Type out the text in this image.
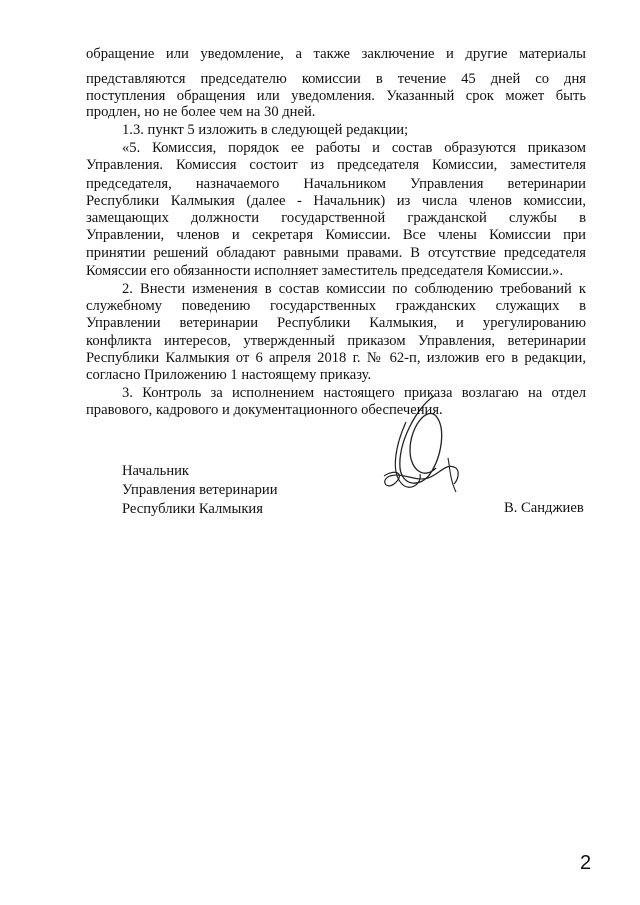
обращение или уведомление, а также заключение и другие материалы
представляются председателю комиссии в течение 45 дней со дня
поступления обращения или уведомления. Указанный срок может быть
продлен, но не более чем на 30 дней.
1.3. пункт 5 изложить в следующей редакции;
«5. Комиссия, порядок ее работы и состав образуются приказом
Управления. Комиссия состоит из председателя Комиссии, заместителя
председателя, назначаемого Начальником Управления ветеринарии
Республики Калмыкия (далее - Начальник) из числа членов комиссии,
замещающих должности государственной гражданской службы в
Управлении, членов и секретаря Комиссии. Все члены Комиссии при
принятии решений обладают равными правами. В отсутствие председателя
Комяссии его обязанности исполняет заместитель председателя Комиссии.».
2. Внести изменения в состав комиссии по соблюдению требований к
служебному поведению государственных гражданских служащих в
Управлении ветеринарии Республики Калмыкия, и урегулированию
конфликта интересов, утвержденный приказом Управления, ветеринарии
Республики Калмыкия от 6 апреля 2018 г. № 62-п, изложив его в редакции,
согласно Приложению 1 настоящему приказу.
3. Контроль за исполнением настоящего приказа возлагаю на отдел
правового, кадрового и документационного обеспечения.
Начальник
Управления ветеринарии
Республики Калмыкия	В. Санджиев
2
